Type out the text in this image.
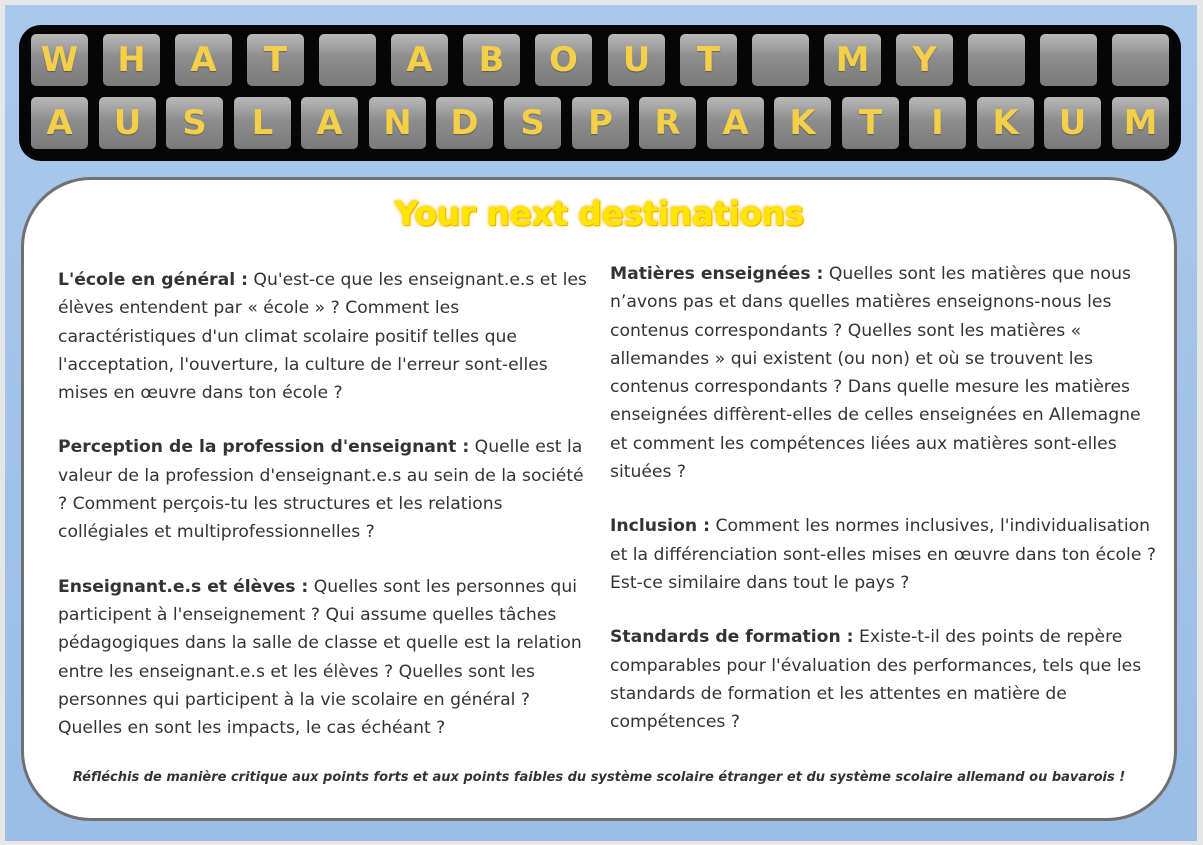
W	H	A	T	A	B	O	U	T	M	Y
A	U	S	L	A	N	D	S	P	R	A	K	T	I	K	U	M
Your next destinations

L'école en général : Qu'est-ce que les enseignant.e.s et les élèves entendent par « école » ? Comment les caractéristiques d'un climat scolaire positif telles que l'acceptation, l'ouverture, la culture de l'erreur sont-elles mises en œuvre dans ton école ?

Perception de la profession d'enseignant : Quelle est la valeur de la profession d'enseignant.e.s au sein de la société ? Comment perçois-tu les structures et les relations collégiales et multiprofessionnelles ?

Enseignant.e.s et élèves : Quelles sont les personnes qui participent à l'enseignement ? Qui assume quelles tâches pédagogiques dans la salle de classe et quelle est la relation entre les enseignant.e.s et les élèves ? Quelles sont les personnes qui participent à la vie scolaire en général ? Quelles en sont les impacts, le cas échéant ?

Matières enseignées : Quelles sont les matières que nous n’avons pas et dans quelles matières enseignons-nous les contenus correspondants ? Quelles sont les matières « allemandes » qui existent (ou non) et où se trouvent les contenus correspondants ? Dans quelle mesure les matières enseignées diffèrent-elles de celles enseignées en Allemagne et comment les compétences liées aux matières sont-elles situées ?

Inclusion : Comment les normes inclusives, l'individualisation et la différenciation sont-elles mises en œuvre dans ton école ? Est-ce similaire dans tout le pays ?

Standards de formation : Existe-t-il des points de repère comparables pour l'évaluation des performances, tels que les standards de formation et les attentes en matière de compétences ?

Réfléchis de manière critique aux points forts et aux points faibles du système scolaire étranger et du système scolaire allemand ou bavarois !
